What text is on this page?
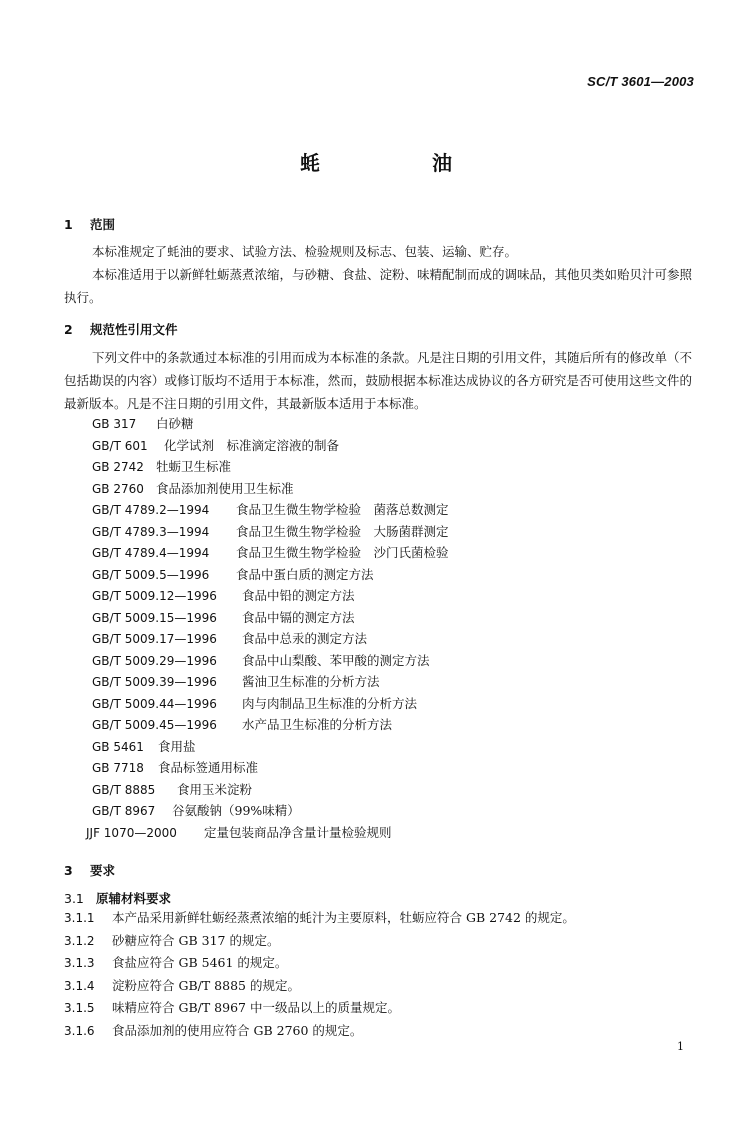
SC/T 3601—2003
蚝	油
1 范围
本标准规定了蚝油的要求、试验方法、检验规则及标志、包装、运输、贮存。
本标准适用于以新鲜牡蛎蒸煮浓缩，与砂糖、食盐、淀粉、味精配制而成的调味品，其他贝类如贻贝汁可参照执行。
2 规范性引用文件
下列文件中的条款通过本标准的引用而成为本标准的条款。凡是注日期的引用文件，其随后所有的修改单（不包括勘误的内容）或修订版均不适用于本标准，然而，鼓励根据本标准达成协议的各方研究是否可使用这些文件的最新版本。凡是不注日期的引用文件，其最新版本适用于本标准。
GB 317 白砂糖
GB/T 601 化学试剂　标准滴定溶液的制备
GB 2742 牡蛎卫生标准
GB 2760 食品添加剂使用卫生标准
GB/T 4789.2—1994 食品卫生微生物学检验　菌落总数测定
GB/T 4789.3—1994 食品卫生微生物学检验　大肠菌群测定
GB/T 4789.4—1994 食品卫生微生物学检验　沙门氏菌检验
GB/T 5009.5—1996 食品中蛋白质的测定方法
GB/T 5009.12—1996 食品中铅的测定方法
GB/T 5009.15—1996 食品中镉的测定方法
GB/T 5009.17—1996 食品中总汞的测定方法
GB/T 5009.29—1996 食品中山梨酸、苯甲酸的测定方法
GB/T 5009.39—1996 酱油卫生标准的分析方法
GB/T 5009.44—1996 肉与肉制品卫生标准的分析方法
GB/T 5009.45—1996 水产品卫生标准的分析方法
GB 5461 食用盐
GB 7718 食品标签通用标准
GB/T 8885 食用玉米淀粉
GB/T 8967 谷氨酸钠（99%味精）
JJF 1070—2000 定量包装商品净含量计量检验规则
3 要求
3.1 原辅材料要求
3.1.1 本产品采用新鲜牡蛎经蒸煮浓缩的蚝汁为主要原料，牡蛎应符合 GB 2742 的规定。
3.1.2 砂糖应符合 GB 317 的规定。
3.1.3 食盐应符合 GB 5461 的规定。
3.1.4 淀粉应符合 GB/T 8885 的规定。
3.1.5 味精应符合 GB/T 8967 中一级品以上的质量规定。
3.1.6 食品添加剂的使用应符合 GB 2760 的规定。
1
